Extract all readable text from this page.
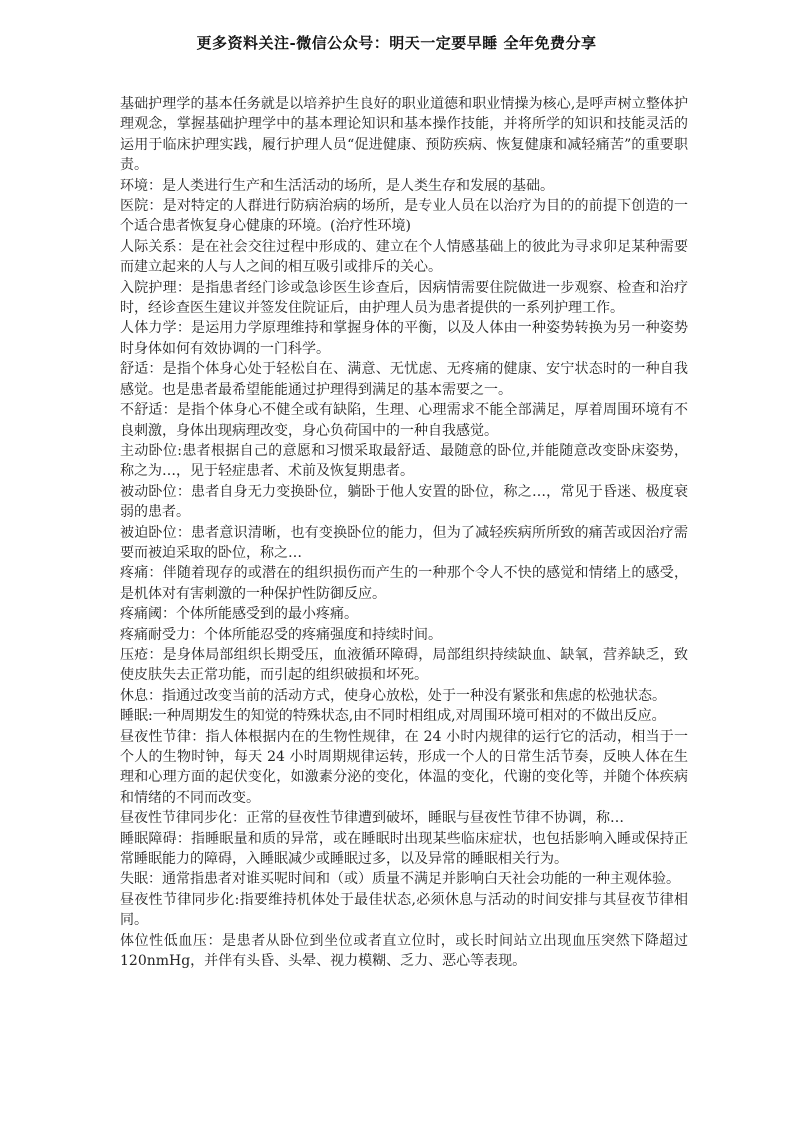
更多资料关注-微信公众号：明天一定要早睡 全年免费分享

基础护理学的基本任务就是以培养护生良好的职业道德和职业情操为核心,是呼声树立整体护理观念，掌握基础护理学中的基本理论知识和基本操作技能，并将所学的知识和技能灵活的运用于临床护理实践，履行护理人员“促进健康、预防疾病、恢复健康和减轻痛苦”的重要职责。

环境：是人类进行生产和生活活动的场所，是人类生存和发展的基础。

医院：是对特定的人群进行防病治病的场所，是专业人员在以治疗为目的的前提下创造的一个适合患者恢复身心健康的环境。(治疗性环境)

人际关系：是在社会交往过程中形成的、建立在个人情感基础上的彼此为寻求卯足某种需要而建立起来的人与人之间的相互吸引或排斥的关心。

入院护理：是指患者经门诊或急诊医生诊查后，因病情需要住院做进一步观察、检查和治疗时，经诊查医生建议并签发住院证后，由护理人员为患者提供的一系列护理工作。

人体力学：是运用力学原理维持和掌握身体的平衡，以及人体由一种姿势转换为另一种姿势时身体如何有效协调的一门科学。

舒适：是指个体身心处于轻松自在、满意、无忧虑、无疼痛的健康、安宁状态时的一种自我感觉。也是患者最希望能能通过护理得到满足的基本需要之一。

不舒适：是指个体身心不健全或有缺陷，生理、心理需求不能全部满足，厚着周围环境有不良刺激，身体出现病理改变，身心负荷国中的一种自我感觉。

主动卧位:患者根据自己的意愿和习惯采取最舒适、最随意的卧位,并能随意改变卧床姿势，称之为…，见于轻症患者、术前及恢复期患者。

被动卧位：患者自身无力变换卧位，躺卧于他人安置的卧位，称之…，常见于昏迷、极度衰弱的患者。

被迫卧位：患者意识清晰，也有变换卧位的能力，但为了减轻疾病所所致的痛苦或因治疗需要而被迫采取的卧位，称之…

疼痛：伴随着现存的或潜在的组织损伤而产生的一种那个令人不快的感觉和情绪上的感受，是机体对有害刺激的一种保护性防御反应。

疼痛阈：个体所能感受到的最小疼痛。

疼痛耐受力：个体所能忍受的疼痛强度和持续时间。

压疮：是身体局部组织长期受压，血液循环障碍，局部组织持续缺血、缺氧，营养缺乏，致使皮肤失去正常功能，而引起的组织破损和坏死。

休息：指通过改变当前的活动方式，使身心放松，处于一种没有紧张和焦虑的松弛状态。

睡眠:一种周期发生的知觉的特殊状态,由不同时相组成,对周围环境可相对的不做出反应。

昼夜性节律：指人体根据内在的生物性规律，在 24 小时内规律的运行它的活动，相当于一个人的生物时钟，每天 24 小时周期规律运转，形成一个人的日常生活节奏，反映人体在生理和心理方面的起伏变化，如激素分泌的变化，体温的变化，代谢的变化等，并随个体疾病和情绪的不同而改变。

昼夜性节律同步化：正常的昼夜性节律遭到破坏，睡眠与昼夜性节律不协调，称…

睡眠障碍：指睡眠量和质的异常，或在睡眠时出现某些临床症状，也包括影响入睡或保持正常睡眠能力的障碍，入睡眠减少或睡眠过多，以及异常的睡眠相关行为。

失眠：通常指患者对谁买呢时间和（或）质量不满足并影响白天社会功能的一种主观体验。

昼夜性节律同步化:指要维持机体处于最佳状态,必须休息与活动的时间安排与其昼夜节律相同。

体位性低血压：是患者从卧位到坐位或者直立位时，或长时间站立出现血压突然下降超过120nmHg，并伴有头昏、头晕、视力模糊、乏力、恶心等表现。
